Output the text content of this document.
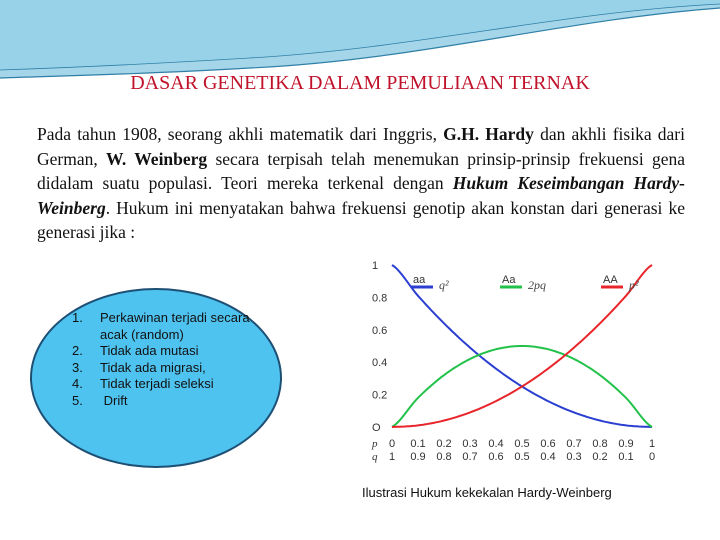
DASAR GENETIKA DALAM PEMULIAAN TERNAK
Pada tahun 1908, seorang akhli matematik dari Inggris, G.H. Hardy dan akhli fisika dari German, W. Weinberg secara terpisah telah menemukan prinsip-prinsip frekuensi gena didalam suatu populasi. Teori mereka terkenal dengan Hukum Keseimbangan Hardy-Weinberg. Hukum ini menyatakan bahwa frekuensi genotip akan konstan dari generasi ke generasi jika :
1.	Perkawinan terjadi secara acak (random)
2.	Tidak ada mutasi
3.	Tidak ada migrasi,
4.	Tidak terjadi seleksi
5.	Drift
O
0.2
0.4
0.6
0.8
1
p
q
0 0.1 0.2 0.3 0.4 0.5 0.6 0.7 0.8 0.9 1
1 0.9 0.8 0.7 0.6 0.5 0.4 0.3 0.2 0.1 0
aa q²	Aa 2pq	AA p²
Ilustrasi Hukum kekekalan Hardy-Weinberg
